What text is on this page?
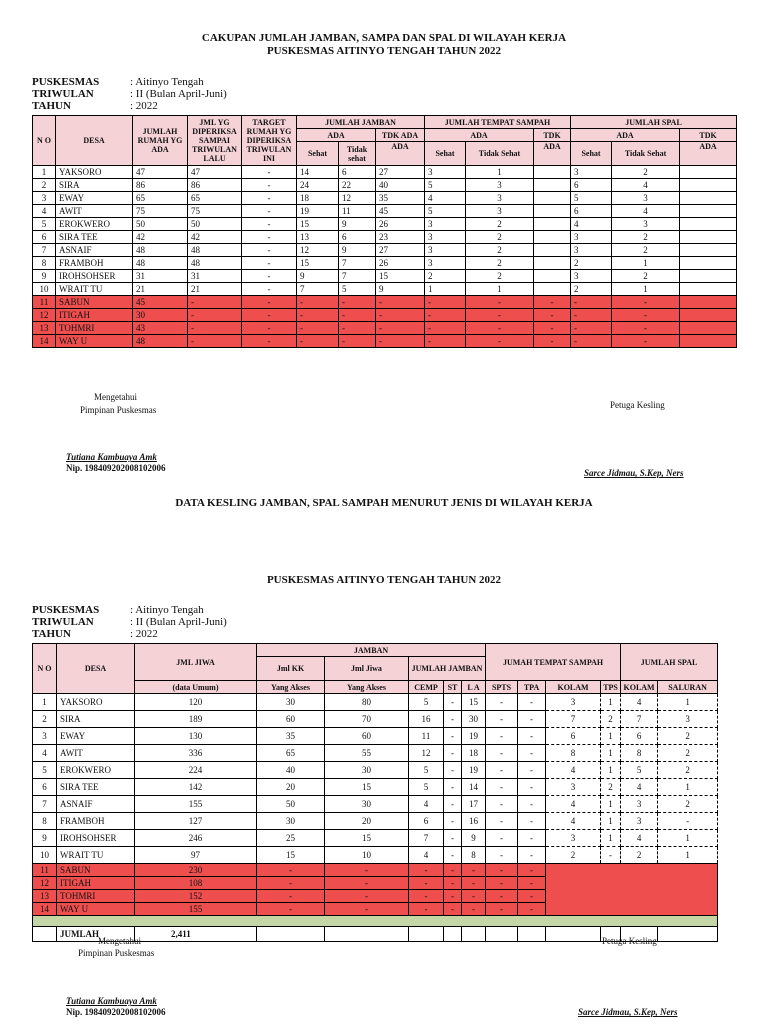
CAKUPAN JUMLAH JAMBAN, SAMPA DAN SPAL DI WILAYAH KERJA
PUSKESMAS AITINYO TENGAH TAHUN 2022
PUSKESMAS	: Aitinyo Tengah
TRIWULAN	: II (Bulan April-Juni)
TAHUN	: 2022
N O	DESA	JUMLAH RUMAH YG ADA	JML YG DIPERIKSA SAMPAI TRIWULAN LALU	TARGET RUMAH YG DIPERIKSA TRIWULAN INI	JUMLAH JAMBAN			JUMLAH TEMPAT SAMPAH			JUMLAH SPAL		
					ADA		TDK ADA	ADA		TDK	ADA		TDK
					Sehat	Tidak sehat	ADA	Sehat	Tidak Sehat	ADA	Sehat	Tidak Sehat	ADA
1	YAKSORO	47	47	-	14	6	27	3	1		3	2	
2	SIRA	86	86	-	24	22	40	5	3		6	4	
3	EWAY	65	65	-	18	12	35	4	3		5	3	
4	AWIT	75	75	-	19	11	45	5	3		6	4	
5	EROKWERO	50	50	-	15	9	26	3	2		4	3	
6	SIRA TEE	42	42	-	13	6	23	3	2		3	2	
7	ASNAIF	48	48	-	12	9	27	3	2		3	2	
8	FRAMBOH	48	48	-	15	7	26	3	2		2	1	
9	IROHSOHSER	31	31	-	9	7	15	2	2		3	2	
10	WRAIT TU	21	21	-	7	5	9	1	1		2	1	
11	SABUN	45	-	-	-	-	-	-	-	-	-	-	
12	ITIGAH	30	-	-	-	-	-	-	-	-	-	-	
13	TOHMRI	43	-	-	-	-	-	-	-	-	-	-	
14	WAY U	48	-	-	-	-	-	-	-	-	-	-	
Mengetahui
Pimpinan Puskesmas	Petuga Kesling
Tutiana Kambuaya Amk
Nip. 198409202008102006	Sarce Jidmau, S.Kep, Ners
DATA KESLING JAMBAN, SPAL SAMPAH MENURUT JENIS DI WILAYAH KERJA
PUSKESMAS AITINYO TENGAH TAHUN 2022
PUSKESMAS	: Aitinyo Tengah
TRIWULAN	: II (Bulan April-Juni)
TAHUN	: 2022
N O	DESA	JML JIWA	JAMBAN					JUMAH TEMPAT SAMPAH				JUMLAH SPAL	
			Jml KK	Jml Jiwa	JUMLAH JAMBAN								
		(data Umum)	Yang Akses	Yang Akses	CEMP	ST	L A	SPTS	TPA	KOLAM	TPS	KOLAM	SALURAN
1	YAKSORO	120	30	80	5	-	15	-	-	3	1	4	1
2	SIRA	189	60	70	16	-	30	-	-	7	2	7	3
3	EWAY	130	35	60	11	-	19	-	-	6	1	6	2
4	AWIT	336	65	55	12	-	18	-	-	8	1	8	2
5	EROKWERO	224	40	30	5	-	19	-	-	4	1	5	2
6	SIRA TEE	142	20	15	5	-	14	-	-	3	2	4	1
7	ASNAIF	155	50	30	4	-	17	-	-	4	1	3	2
8	FRAMBOH	127	30	20	6	-	16	-	-	4	1	3	-
9	IROHSOHSER	246	25	15	7	-	9	-	-	3	1	4	1
10	WRAIT TU	97	15	10	4	-	8	-	-	2	-	2	1
11	SABUN	230	-	-	-	-	-	-	-				
12	ITIGAH	108	-	-	-	-	-	-	-				
13	TOHMRI	152	-	-	-	-	-	-	-				
14	WAY U	155	-	-	-	-	-	-	-				

	JUMLAH	2,411											
Mengetahui
Pimpinan Puskesmas
Petuga Kesling
Tutiana Kambuaya Amk
Nip. 198409202008102006	Sarce Jidmau, S.Kep, Ners
